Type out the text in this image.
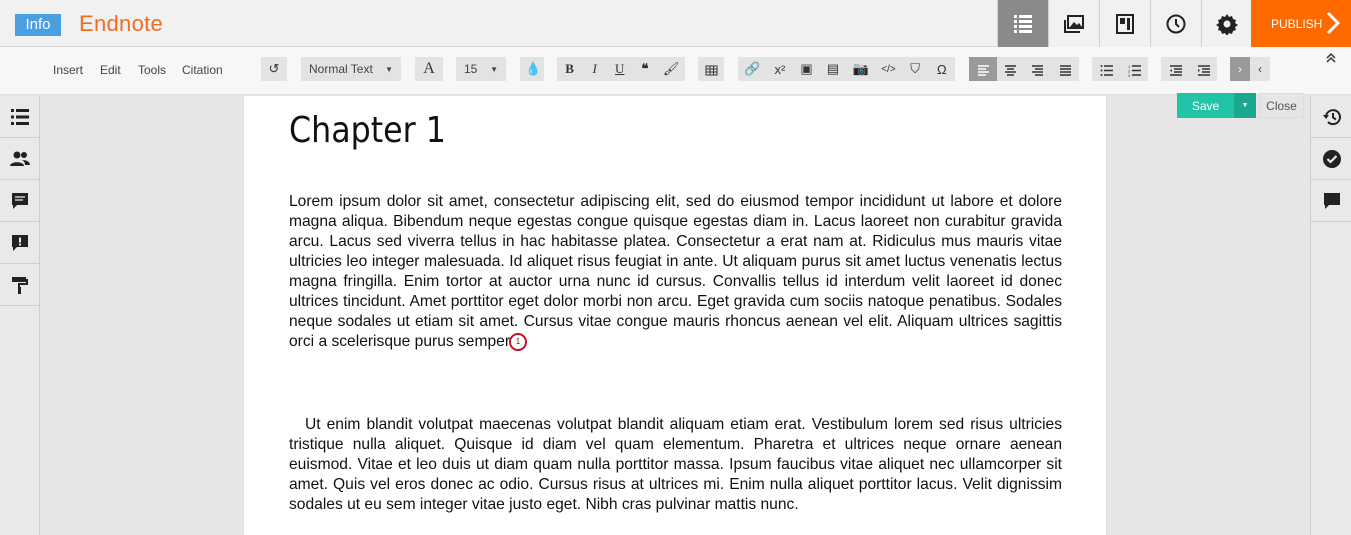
Info	Endnote	PUBLISH
Insert Edit Tools Citation	↺ Normal Text ▼ A 15 ▼ 💧 B	I	U ❝ 🖌	🔗 x² ▣ ▤ 📷 </> ⛉ Ω	1
2
3	› ‹
Chapter 1

Lorem ipsum dolor sit amet, consectetur adipiscing elit, sed do eiusmod tempor incididunt ut labore et dolore magna aliqua. Bibendum neque egestas congue quisque egestas diam in. Lacus laoreet non curabitur gravida arcu. Lacus sed viverra tellus in hac habitasse platea. Consectetur a erat nam at. Ridiculus mus mauris vitae ultricies leo integer malesuada. Id aliquet risus feugiat in ante. Ut aliquam purus sit amet luctus venenatis lectus magna fringilla. Enim tortor at auctor urna nunc id cursus. Convallis tellus id interdum velit laoreet id donec ultrices tincidunt. Amet porttitor eget dolor morbi non arcu. Eget gravida cum sociis natoque penatibus. Sodales neque sodales ut etiam sit amet. Cursus vitae congue mauris rhoncus aenean vel elit. Aliquam ultrices sagittis orci a scelerisque purus semper 1

Ut enim blandit volutpat maecenas volutpat blandit aliquam etiam erat. Vestibulum lorem sed risus ultricies tristique nulla aliquet. Quisque id diam vel quam elementum. Pharetra et ultrices neque ornare aenean euismod. Vitae et leo duis ut diam quam nulla porttitor massa. Ipsum faucibus vitae aliquet nec ullamcorper sit amet. Quis vel eros donec ac odio. Cursus risus at ultrices mi. Enim nulla aliquet porttitor lacus. Velit dignissim sodales ut eu sem integer vitae justo eget. Nibh cras pulvinar mattis nunc.

Save	▼	Close
